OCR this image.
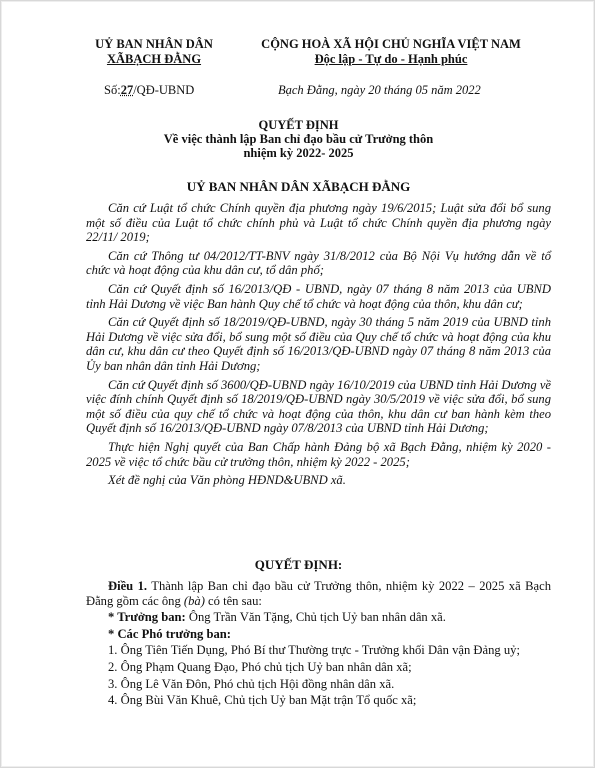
UỶ BAN NHÂN DÂN
XÃBẠCH ĐẰNG
CỘNG HOÀ XÃ HỘI CHỦ NGHĨA VIỆT NAM
Độc lập - Tự do - Hạnh phúc
Số:27/QĐ-UBND	Bạch Đằng, ngày 20 tháng 05 năm 2022
QUYẾT ĐỊNH
Về việc thành lập Ban chỉ đạo bầu cử Trưởng thôn
nhiệm kỳ 2022- 2025
UỶ BAN NHÂN DÂN XÃBẠCH ĐẰNG

Căn cứ Luật tổ chức Chính quyền địa phương ngày 19/6/2015; Luật sửa đổi bổ sung một số điều của Luật tổ chức chính phủ và Luật tổ chức Chính quyền địa phương ngày 22/11/ 2019;

Căn cứ Thông tư 04/2012/TT-BNV ngày 31/8/2012 của Bộ Nội Vụ hướng dẫn về tổ chức và hoạt động của khu dân cư, tổ dân phố;

Căn cứ Quyết định số 16/2013/QĐ - UBND, ngày 07 tháng 8 năm 2013 của UBND tỉnh Hải Dương về việc Ban hành Quy chế tổ chức và hoạt động của thôn, khu dân cư;

Căn cứ Quyết định số 18/2019/QĐ-UBND, ngày 30 tháng 5 năm 2019 của UBND tỉnh Hải Dương về việc sửa đổi, bổ sung một số điều của Quy chế tổ chức và hoạt động của khu dân cư, khu dân cư theo Quyết định số 16/2013/QĐ-UBND ngày 07 tháng 8 năm 2013 của Ủy ban nhân dân tỉnh Hải Dương;

Căn cứ Quyết định số 3600/QĐ-UBND ngày 16/10/2019 của UBND tỉnh Hải Dương về việc đính chính Quyết định số 18/2019/QĐ-UBND ngày 30/5/2019 về việc sửa đổi, bổ sung một số điều của quy chế tổ chức và hoạt động của thôn, khu dân cư ban hành kèm theo Quyết định số 16/2013/QĐ-UBND ngày 07/8/2013 của UBND tỉnh Hải Dương;

Thực hiện Nghị quyết của Ban Chấp hành Đảng bộ xã Bạch Đằng, nhiệm kỳ 2020 - 2025 về việc tổ chức bầu cử trưởng thôn, nhiệm kỳ 2022 - 2025;

Xét đề nghị của Văn phòng HĐND&UBND xã.

QUYẾT ĐỊNH:

Điều 1. Thành lập Ban chỉ đạo bầu cử Trưởng thôn, nhiệm kỳ 2022 – 2025 xã Bạch Đằng gồm các ông (bà) có tên sau:

* Trưởng ban: Ông Trần Văn Tặng, Chủ tịch Uỷ ban nhân dân xã.

* Các Phó trưởng ban:

1. Ông Tiên Tiến Dụng, Phó Bí thư Thường trực - Trưởng khối Dân vận Đảng uỷ;

2. Ông Phạm Quang Đạo, Phó chủ tịch Uỷ ban nhân dân xã;

3. Ông Lê Văn Đôn, Phó chủ tịch Hội đồng nhân dân xã.

4. Ông Bùi Văn Khuê, Chủ tịch Uỷ ban Mặt trận Tổ quốc xã;
